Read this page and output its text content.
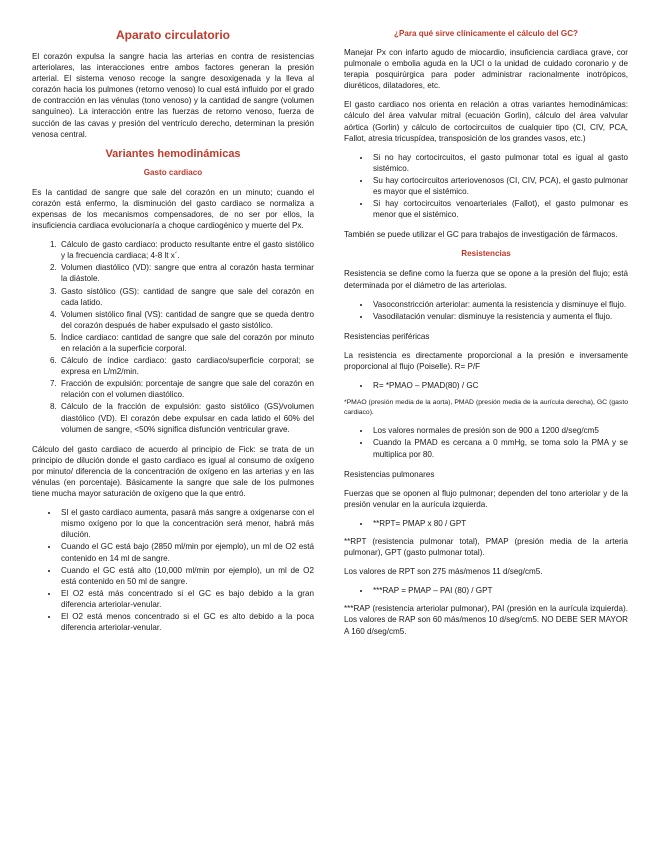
Aparato circulatorio

El corazón expulsa la sangre hacia las arterias en contra de resistencias arteriolares, las interacciones entre ambos factores generan la presión arterial. El sistema venoso recoge la sangre desoxigenada y la lleva al corazón hacia los pulmones (retorno venoso) lo cual está influido por el grado de contracción en las vénulas (tono venoso) y la cantidad de sangre (volumen sanguíneo). La interacción entre las fuerzas de retorno venoso, fuerza de succión de las cavas y presión del ventrículo derecho, determinan la presión venosa central.

Variantes hemodinámicas
Gasto cardiaco

Es la cantidad de sangre que sale del corazón en un minuto; cuando el corazón está enfermo, la disminución del gasto cardiaco se normaliza a expensas de los mecanismos compensadores, de no ser por ellos, la insuficiencia cardiaca evolucionaría a choque cardiogénico y muerte del Px.

1. Cálculo de gasto cardiaco: producto resultante entre el gasto sistólico y la frecuencia cardiaca; 4-8 lt x´.
2. Volumen diastólico (VD): sangre que entra al corazón hasta terminar la diástole.
3. Gasto sistólico (GS): cantidad de sangre que sale del corazón en cada latido.
4. Volumen sistólico final (VS): cantidad de sangre que se queda dentro del corazón después de haber expulsado el gasto sistólico.
5. Índice cardiaco: cantidad de sangre que sale del corazón por minuto en relación a la superficie corporal.
6. Cálculo de índice cardiaco: gasto cardiaco/superficie corporal; se expresa en L/m2/min.
7. Fracción de expulsión: porcentaje de sangre que sale del corazón en relación con el volumen diastólico.
8. Cálculo de la fracción de expulsión: gasto sistólico (GS)/volumen diastólico (VD). El corazón debe expulsar en cada latido el 60% del volumen de sangre, <50% significa disfunción ventricular grave.

Cálculo del gasto cardiaco de acuerdo al principio de Fick: se trata de un principio de dilución donde el gasto cardiaco es igual al consumo de oxígeno por minuto/ diferencia de la concentración de oxígeno en las arterias y en las vénulas (en porcentaje). Básicamente la sangre que sale de los pulmones tiene mucha mayor saturación de oxígeno que la que entró.

• SI el gasto cardiaco aumenta, pasará más sangre a oxigenarse con el mismo oxígeno por lo que la concentración será menor, habrá más dilución.
• Cuando el GC está bajo (2850 ml/min por ejemplo), un ml de O2 está contenido en 14 ml de sangre.
• Cuando el GC está alto (10,000 ml/min por ejemplo), un ml de O2 está contenido en 50 ml de sangre.
• El O2 está más concentrado si el GC es bajo debido a la gran diferencia arteriolar-venular.
• El O2 está menos concentrado si el GC es alto debido a la poca diferencia arteriolar-venular.
¿Para qué sirve clínicamente el cálculo del GC?

Manejar Px con infarto agudo de miocardio, insuficiencia cardiaca grave, cor pulmonale o embolia aguda en la UCI o la unidad de cuidado coronario y de terapia posquirúrgica para poder administrar racionalmente inotrópicos, diuréticos, dilatadores, etc.

El gasto cardiaco nos orienta en relación a otras variantes hemodinámicas: cálculo del área valvular mitral (ecuación Gorlin), cálculo del área valvular aórtica (Gorlin) y cálculo de cortocircuitos de cualquier tipo (CI, CIV, PCA, Fallot, atresia tricuspídea, transposición de los grandes vasos, etc.)

• Si no hay cortocircuitos, el gasto pulmonar total es igual al gasto sistémico.
• Su hay cortocircuitos arteriovenosos (CI, CIV, PCA), el gasto pulmonar es mayor que el sistémico.
• Si hay cortocircuitos venoarteriales (Fallot), el gasto pulmonar es menor que el sistémico.

También se puede utilizar el GC para trabajos de investigación de fármacos.

Resistencias

Resistencia se define como la fuerza que se opone a la presión del flujo; está determinada por el diámetro de las arteriolas.

• Vasoconstricción arteriolar: aumenta la resistencia y disminuye el flujo.
• Vasodilatación venular: disminuye la resistencia y aumenta el flujo.

Resistencias periféricas

La resistencia es directamente proporcional a la presión e inversamente proporcional al flujo (Poiselle). R= P/F

• R= *PMAO – PMAD(80) / GC

*PMAO (presión media de la aorta), PMAD (presión media de la aurícula derecha), GC (gasto cardiaco).

• Los valores normales de presión son de 900 a 1200 d/seg/cm5
• Cuando la PMAD es cercana a 0 mmHg, se toma solo la PMA y se multiplica por 80.

Resistencias pulmonares

Fuerzas que se oponen al flujo pulmonar; dependen del tono arteriolar y de la presión venular en la aurícula izquierda.

• **RPT= PMAP x 80 / GPT

**RPT (resistencia pulmonar total), PMAP (presión media de la arteria pulmonar), GPT (gasto pulmonar total).

Los valores de RPT son 275 más/menos 11 d/seg/cm5.

• ***RAP = PMAP – PAI (80) / GPT

***RAP (resistencia arteriolar pulmonar), PAI (presión en la aurícula izquierda). Los valores de RAP son 60 más/menos 10 d/seg/cm5. NO DEBE SER MAYOR A 160 d/seg/cm5.
